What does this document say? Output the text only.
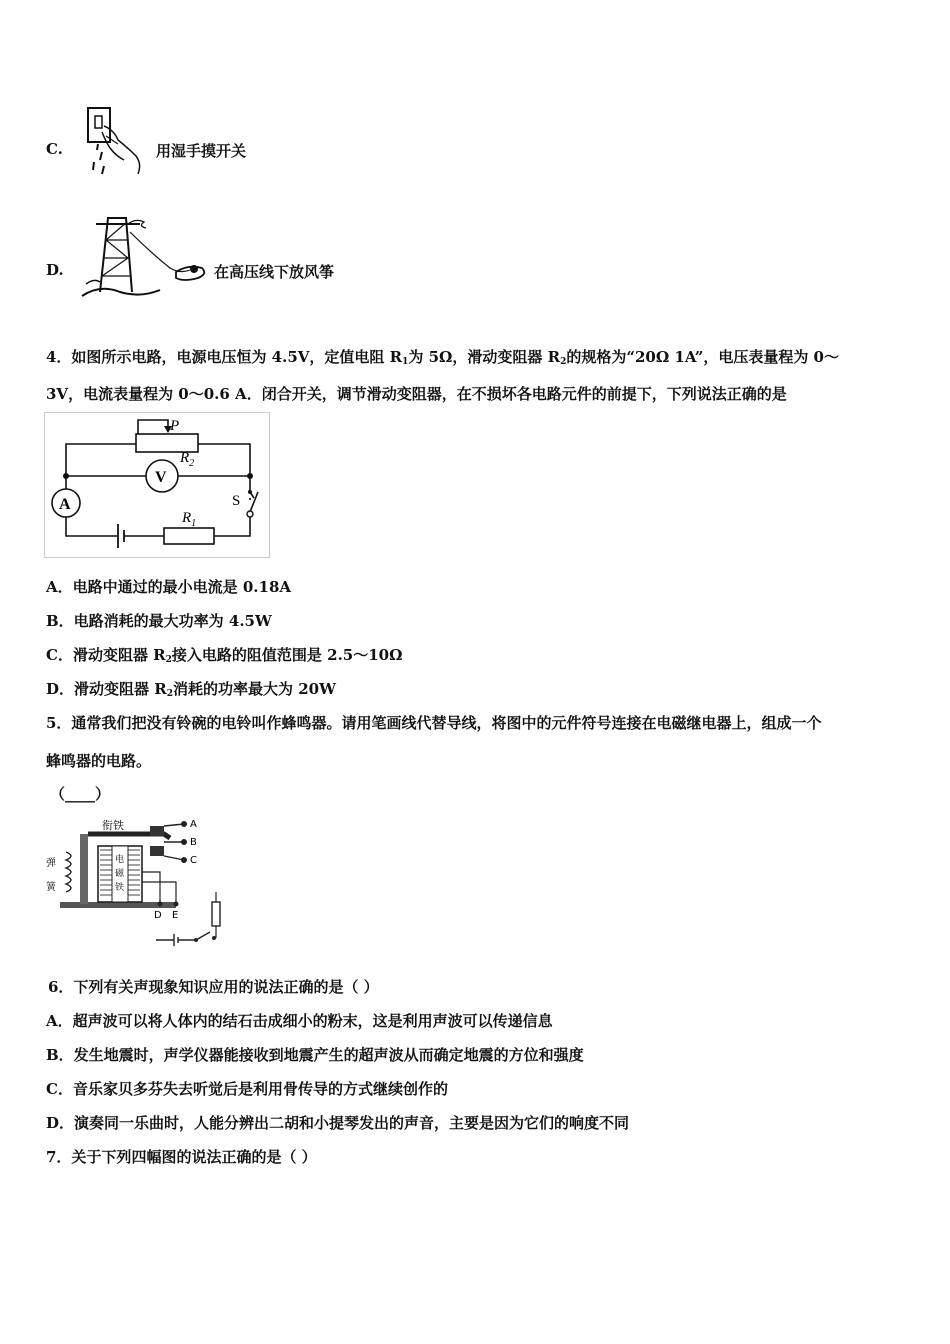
C.	用湿手摸开关
D.	在高压线下放风筝
4．如图所示电路，电源电压恒为 4.5V，定值电阻 $R_1$为 5Ω，滑动变阻器 $R_2$的规格为“20Ω 1A”，电压表量程为 0～
3V，电流表量程为 0～0.6 A．闭合开关，调节滑动变阻器，在不损坏各电路元件的前提下，下列说法正确的是
P
$R_2$
V
A	S
$R_1$
A．电路中通过的最小电流是 0.18A
B．电路消耗的最大功率为 4.5W
C．滑动变阻器 $R_2$接入电路的阻值范围是 2.5～10Ω
D．滑动变阻器 $R_2$消耗的功率最大为 20W
5．通常我们把没有铃碗的电铃叫作蜂鸣器。请用笔画线代替导线，将图中的元件符号连接在电磁继电器上，组成一个
蜂鸣器的电路。
（____）
衔铁
弹
簧
电
磁
铁
A
B
C
D E
6．下列有关声现象知识应用的说法正确的是（ ）
A．超声波可以将人体内的结石击成细小的粉末，这是利用声波可以传递信息
B．发生地震时，声学仪器能接收到地震产生的超声波从而确定地震的方位和强度
C．音乐家贝多芬失去听觉后是利用骨传导的方式继续创作的
D．演奏同一乐曲时，人能分辨出二胡和小提琴发出的声音，主要是因为它们的响度不同
7．关于下列四幅图的说法正确的是（ ）
